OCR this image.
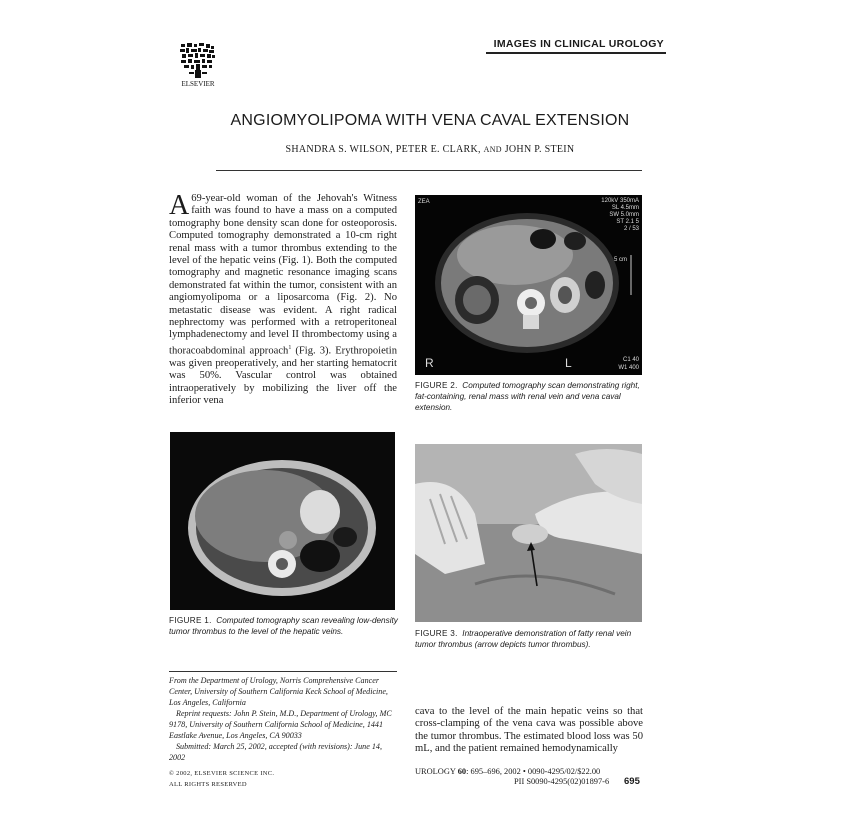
ELSEVIER
IMAGES IN CLINICAL UROLOGY
ANGIOMYOLIPOMA WITH VENA CAVAL EXTENSION
SHANDRA S. WILSON, PETER E. CLARK, AND JOHN P. STEIN
A 69-year-old woman of the Jehovah's Witness faith was found to have a mass on a computed tomography bone density scan done for osteoporosis. Computed tomography demonstrated a 10-cm right renal mass with a tumor thrombus extending to the level of the hepatic veins (Fig. 1). Both the computed tomography and magnetic resonance imaging scans demonstrated fat within the tumor, consistent with an angiomyolipoma or a liposarcoma (Fig. 2). No metastatic disease was evident. A right radical nephrectomy was performed with a retroperitoneal lymphadenectomy and level II thrombectomy using a thoracoabdominal approach$^1$ (Fig. 3). Erythropoietin was given preoperatively, and her starting hematocrit was 50%. Vascular control was obtained intraoperatively by mobilizing the liver off the inferior vena
ZEA	120kV 350mA
SL 4.5mm
SW 5.0mm
ST 2.1 5
2 / 53
5 cm
R	L	C1 40
W1 400
FIGURE 2. Computed tomography scan demonstrating right, fat-containing, renal mass with renal vein and vena caval extension.
FIGURE 1. Computed tomography scan revealing low-density tumor thrombus to the level of the hepatic veins.	FIGURE 3. Intraoperative demonstration of fatty renal vein tumor thrombus (arrow depicts tumor thrombus).

From the Department of Urology, Norris Comprehensive Cancer Center, University of Southern California Keck School of Medicine, Los Angeles, California

Reprint requests: John P. Stein, M.D., Department of Urology, MC 9178, University of Southern California School of Medicine, 1441 Eastlake Avenue, Los Angeles, CA 90033

Submitted: March 25, 2002, accepted (with revisions): June 14, 2002

cava to the level of the main hepatic veins so that cross-clamping of the vena cava was possible above the tumor thrombus. The estimated blood loss was 50 mL, and the patient remained hemodynamically
© 2002, ELSEVIER SCIENCE INC.
ALL RIGHTS RESERVED
UROLOGY 60: 695–696, 2002 • 0090-4295/02/$22.00
PII S0090-4295(02)01897-6 695
